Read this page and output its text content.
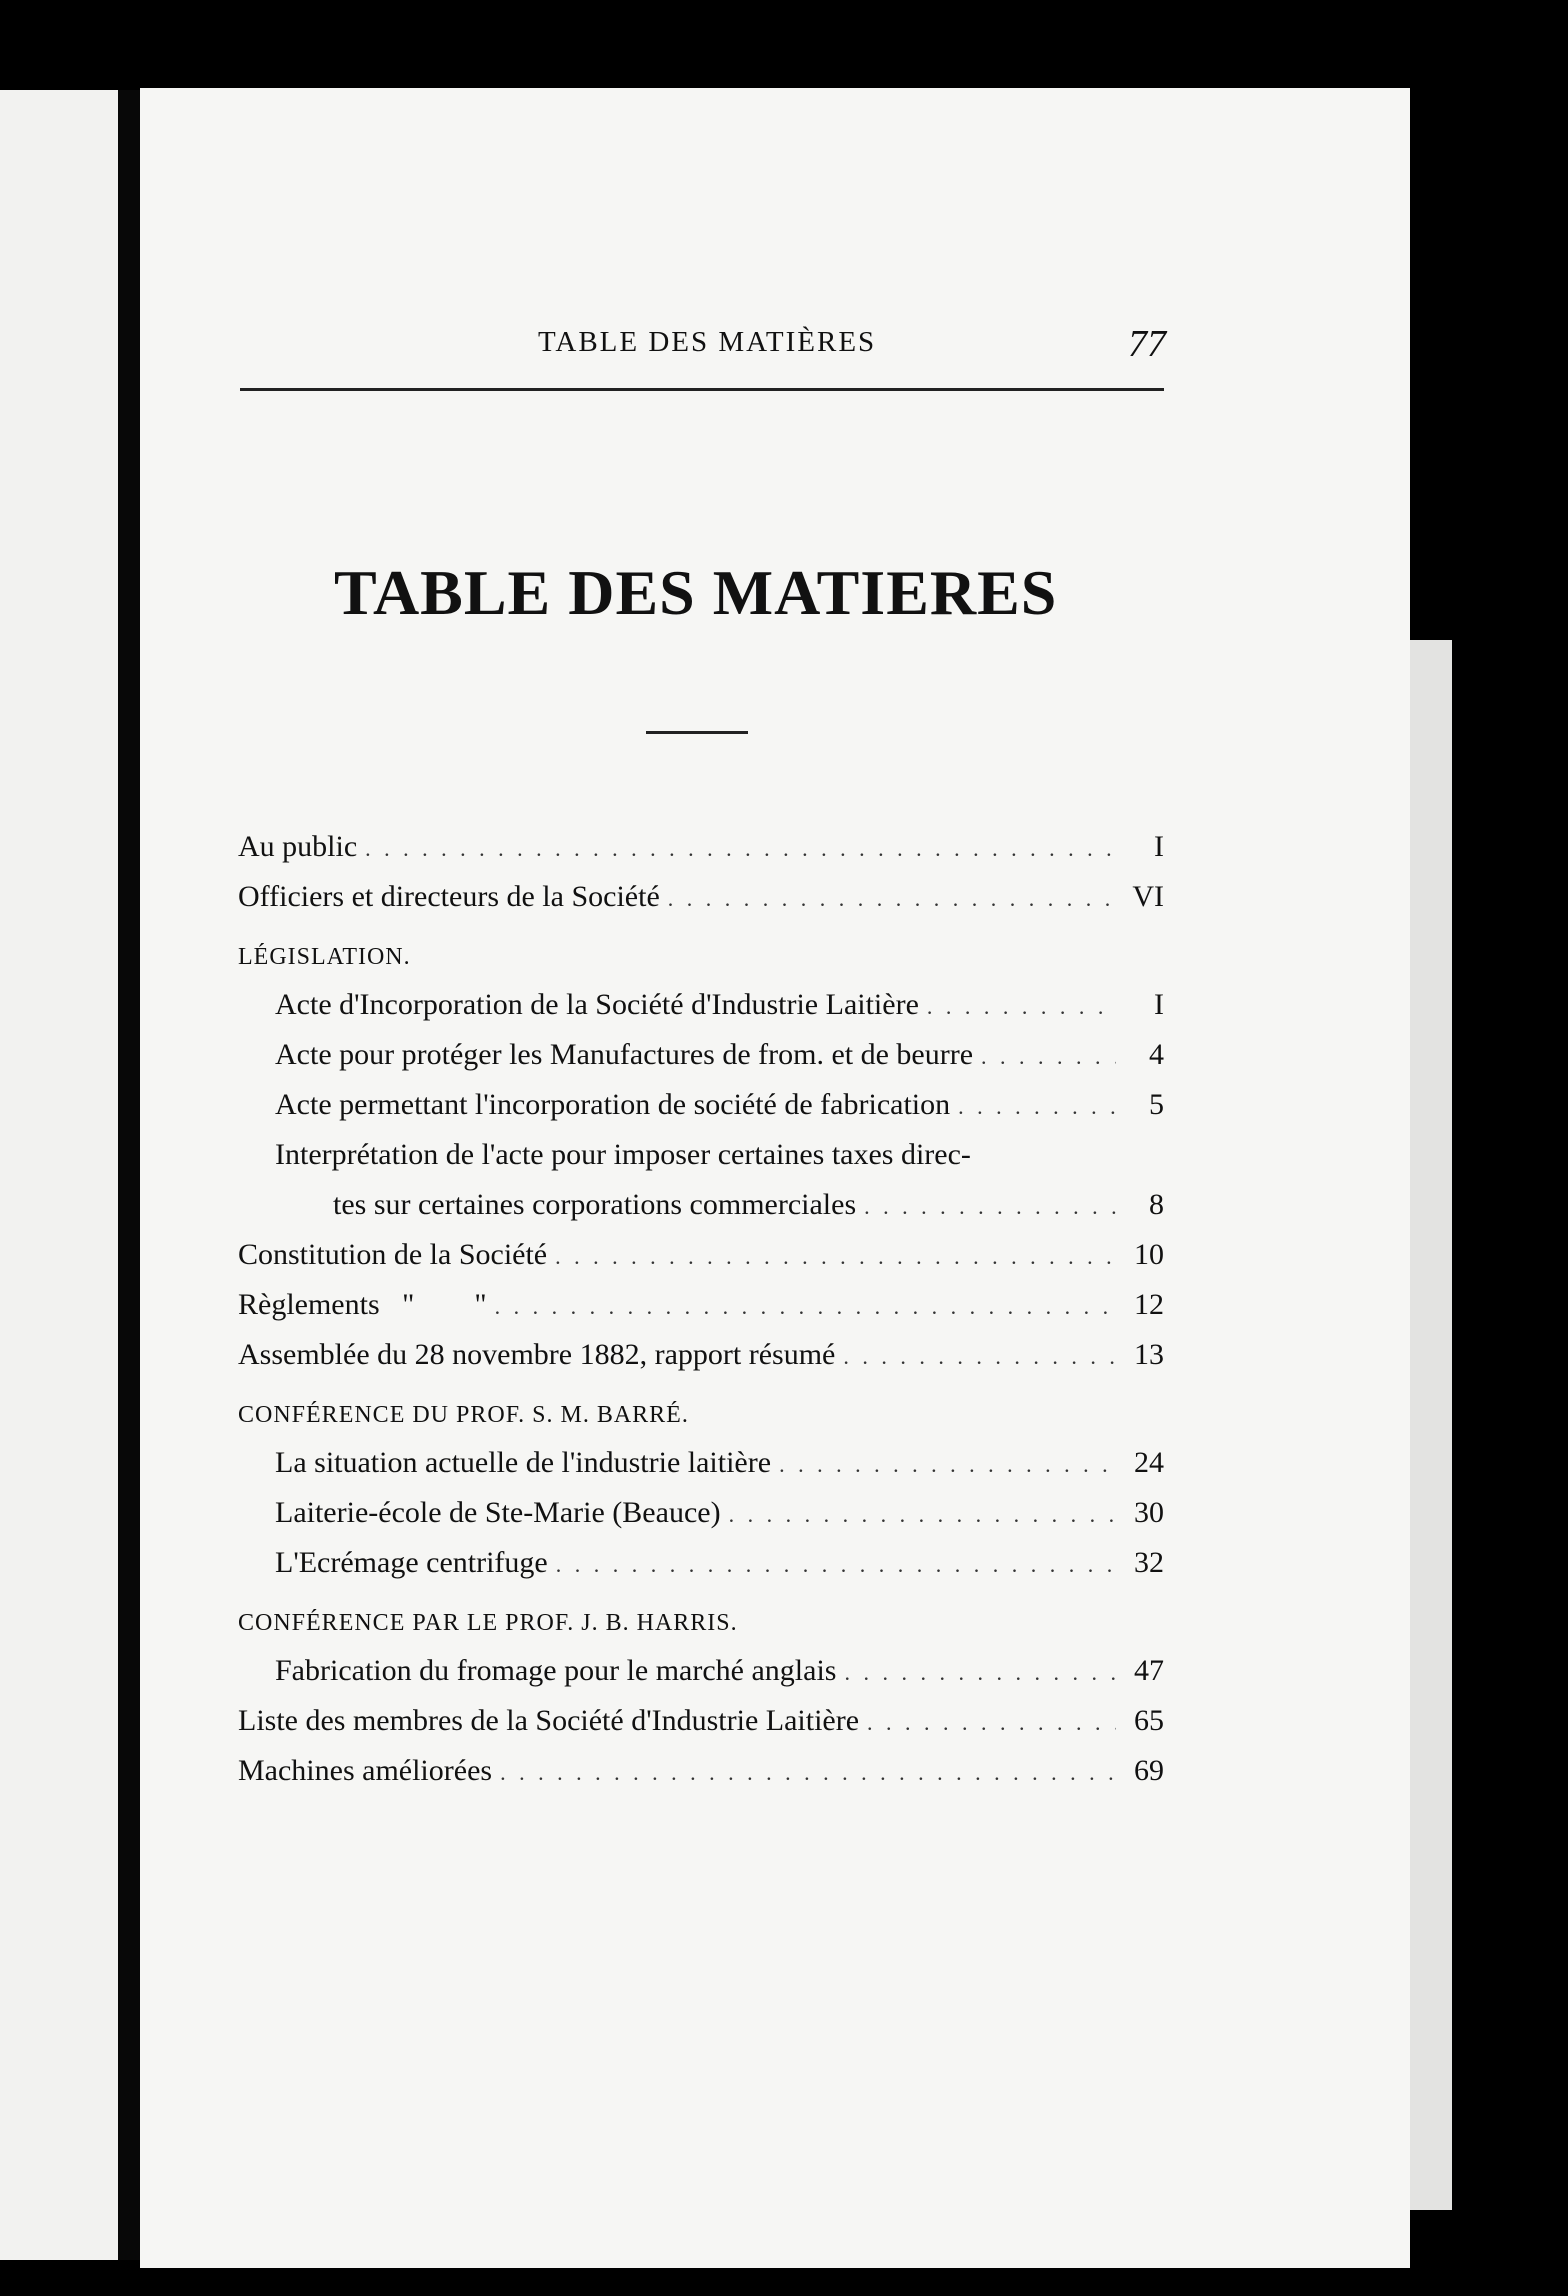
TABLE DES MATIÈRES	77
TABLE DES MATIERES
Au public . . .	I
Officiers et directeurs de la Société . . .	VI
LÉGISLATION.
Acte d'Incorporation de la Société d'Industrie Laitière . . .	I
Acte pour protéger les Manufactures de from. et de beurre . . .	4
Acte permettant l'incorporation de société de fabrication . . .	5
Interprétation de l'acte pour imposer certaines taxes direc-
tes sur certaines corporations commerciales . . .	8
Constitution de la Société . . .	10
Règlements   "        " . . .	12
Assemblée du 28 novembre 1882, rapport résumé . . .	13
CONFÉRENCE DU PROF. S. M. BARRÉ.
La situation actuelle de l'industrie laitière . . .	24
Laiterie-école de Ste-Marie (Beauce) . . .	30
L'Ecrémage centrifuge . . .	32
CONFÉRENCE PAR LE PROF. J. B. HARRIS.
Fabrication du fromage pour le marché anglais . . .	47
Liste des membres de la Société d'Industrie Laitière . . .	65
Machines améliorées . . .	69
